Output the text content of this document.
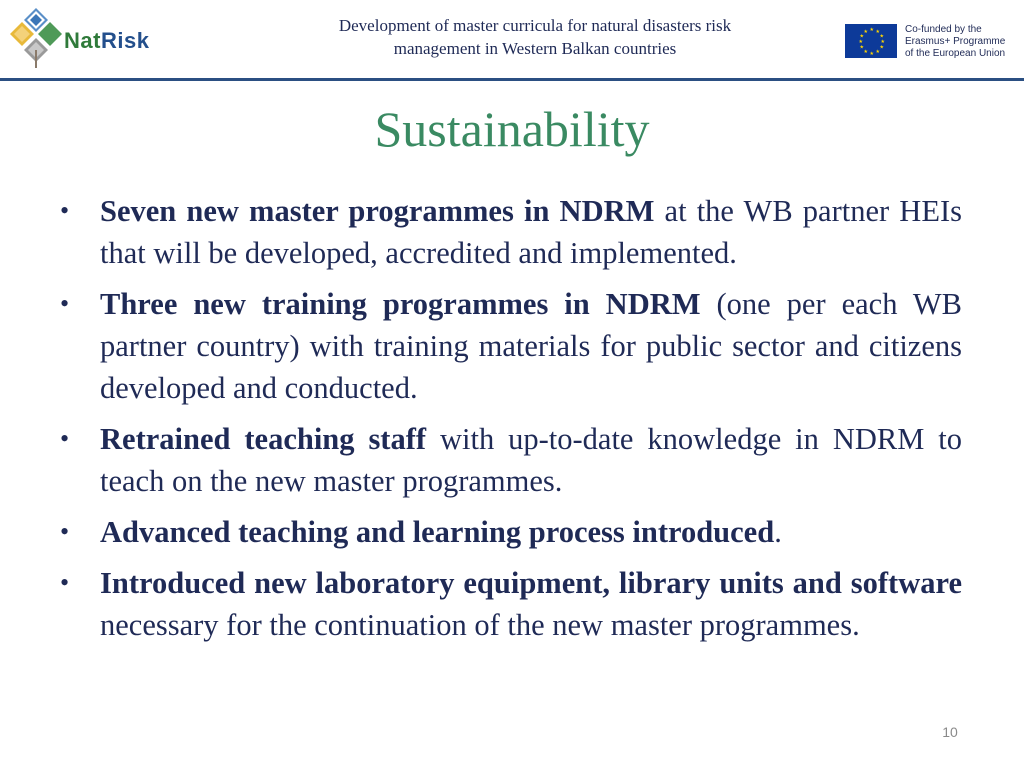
NatRisk
Development of master curricula for natural disasters risk
management in Western Balkan countries
★ ★
★
★
★
★
★
★
★
★
★
★	Co-funded by the
Erasmus+ Programme
of the European Union
Sustainability
• Seven new master programmes in NDRM at the WB partner HEIs that will be developed, accredited and implemented.
• Three new training programmes in NDRM (one per each WB partner country) with training materials for public sector and citizens developed and conducted.
• Retrained teaching staff with up-to-date knowledge in NDRM to teach on the new master programmes.
• Advanced teaching and learning process introduced.
• Introduced new laboratory equipment, library units and software necessary for the continuation of the new master programmes.
10
